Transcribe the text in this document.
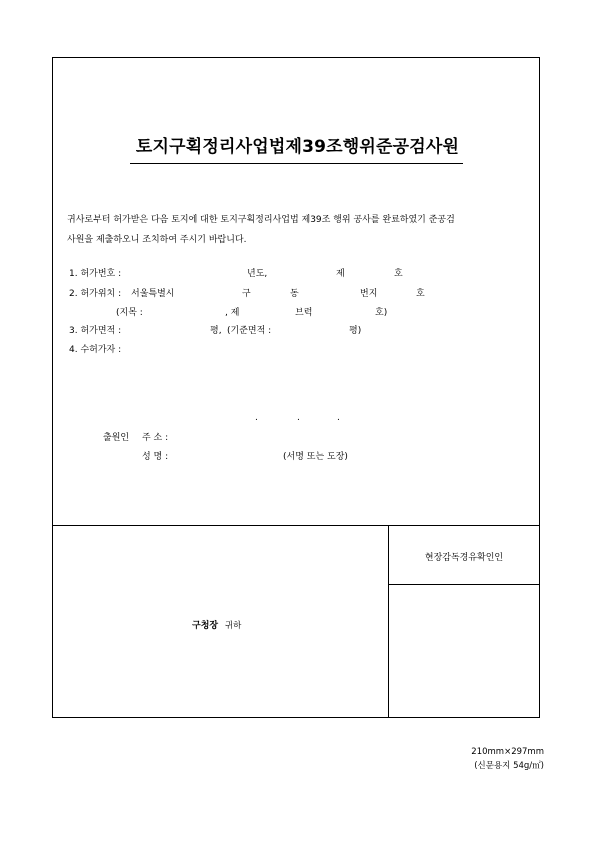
토지구획정리사업법제39조행위준공검사원
귀사로부터 허가받은 다음 토지에 대한 토지구획정리사업법 제39조 행위 공사를 완료하였기 준공검
사원을 제출하오니 조치하여 주시기 바랍니다.
1. 허가번호 :	년도,	제	호
2. 허가위치 : 서울특별시	구	동	번지	호
(지목 :	, 제	브럭	호)
3. 허가면적 :	평, (기준면적 :	평)
4. 수허가자 :
.	.	.
출원인 주 소 :
성 명 :	(서명 또는 도장)
구청장 귀하
현장감독경유확인인
210mm×297mm
(신문용지 54g/㎡)
